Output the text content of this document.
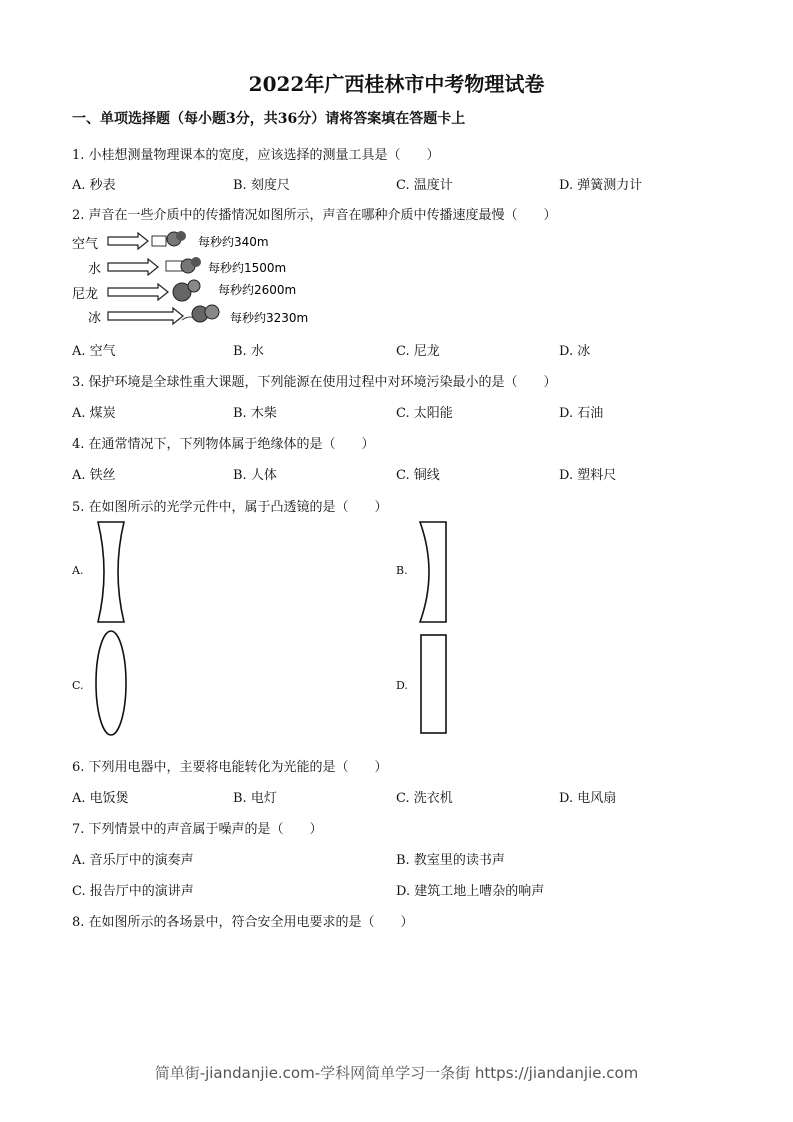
2022年广西桂林市中考物理试卷
一、单项选择题（每小题3分，共36分）请将答案填在答题卡上
1. 小桂想测量物理课本的宽度，应该选择的测量工具是（　　）
A. 秒表	B. 刻度尺	C. 温度计	D. 弹簧测力计
2. 声音在一些介质中的传播情况如图所示，声音在哪种介质中传播速度最慢（　　）
空气	每秒约340m
水	每秒约1500m
尼龙	每秒约2600m
冰	每秒约3230m
A. 空气	B. 水	C. 尼龙	D. 冰
3. 保护环境是全球性重大课题，下列能源在使用过程中对环境污染最小的是（　　）
A. 煤炭	B. 木柴	C. 太阳能	D. 石油
4. 在通常情况下，下列物体属于绝缘体的是（　　）
A. 铁丝	B. 人体	C. 铜线	D. 塑料尺
5. 在如图所示的光学元件中，属于凸透镜的是（　　）
A.	B.
C.	D.
6. 下列用电器中，主要将电能转化为光能的是（　　）
A. 电饭煲	B. 电灯	C. 洗衣机	D. 电风扇
7. 下列情景中的声音属于噪声的是（　　）
A. 音乐厅中的演奏声	B. 教室里的读书声
C. 报告厅中的演讲声	D. 建筑工地上嘈杂的响声
8. 在如图所示的各场景中，符合安全用电要求的是（　　）
简单街-jiandanjie.com-学科网简单学习一条街 https://jiandanjie.com
